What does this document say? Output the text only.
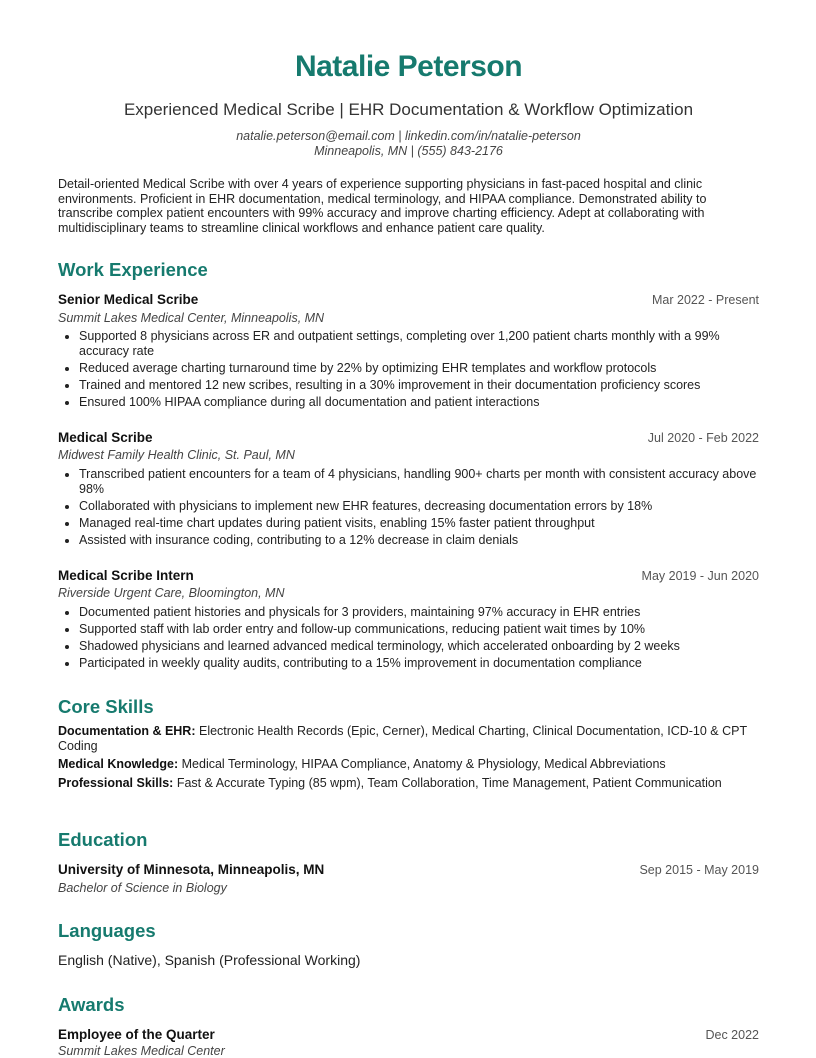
Natalie Peterson
Experienced Medical Scribe | EHR Documentation & Workflow Optimization
natalie.peterson@email.com | linkedin.com/in/natalie-peterson
Minneapolis, MN | (555) 843-2176
Detail-oriented Medical Scribe with over 4 years of experience supporting physicians in fast-paced hospital and clinic environments. Proficient in EHR documentation, medical terminology, and HIPAA compliance. Demonstrated ability to transcribe complex patient encounters with 99% accuracy and improve charting efficiency. Adept at collaborating with multidisciplinary teams to streamline clinical workflows and enhance patient care quality.
Work Experience
Senior Medical Scribe	Mar 2022 - Present
Summit Lakes Medical Center, Minneapolis, MN
• Supported 8 physicians across ER and outpatient settings, completing over 1,200 patient charts monthly with a 99% accuracy rate
• Reduced average charting turnaround time by 22% by optimizing EHR templates and workflow protocols
• Trained and mentored 12 new scribes, resulting in a 30% improvement in their documentation proficiency scores
• Ensured 100% HIPAA compliance during all documentation and patient interactions
Medical Scribe	Jul 2020 - Feb 2022
Midwest Family Health Clinic, St. Paul, MN
• Transcribed patient encounters for a team of 4 physicians, handling 900+ charts per month with consistent accuracy above 98%
• Collaborated with physicians to implement new EHR features, decreasing documentation errors by 18%
• Managed real-time chart updates during patient visits, enabling 15% faster patient throughput
• Assisted with insurance coding, contributing to a 12% decrease in claim denials
Medical Scribe Intern	May 2019 - Jun 2020
Riverside Urgent Care, Bloomington, MN
• Documented patient histories and physicals for 3 providers, maintaining 97% accuracy in EHR entries
• Supported staff with lab order entry and follow-up communications, reducing patient wait times by 10%
• Shadowed physicians and learned advanced medical terminology, which accelerated onboarding by 2 weeks
• Participated in weekly quality audits, contributing to a 15% improvement in documentation compliance
Core Skills
Documentation & EHR: Electronic Health Records (Epic, Cerner), Medical Charting, Clinical Documentation, ICD-10 & CPT Coding
Medical Knowledge: Medical Terminology, HIPAA Compliance, Anatomy & Physiology, Medical Abbreviations
Professional Skills: Fast & Accurate Typing (85 wpm), Team Collaboration, Time Management, Patient Communication
Education
University of Minnesota, Minneapolis, MN	Sep 2015 - May 2019
Bachelor of Science in Biology
Languages
English (Native), Spanish (Professional Working)
Awards
Employee of the Quarter	Dec 2022
Summit Lakes Medical Center
